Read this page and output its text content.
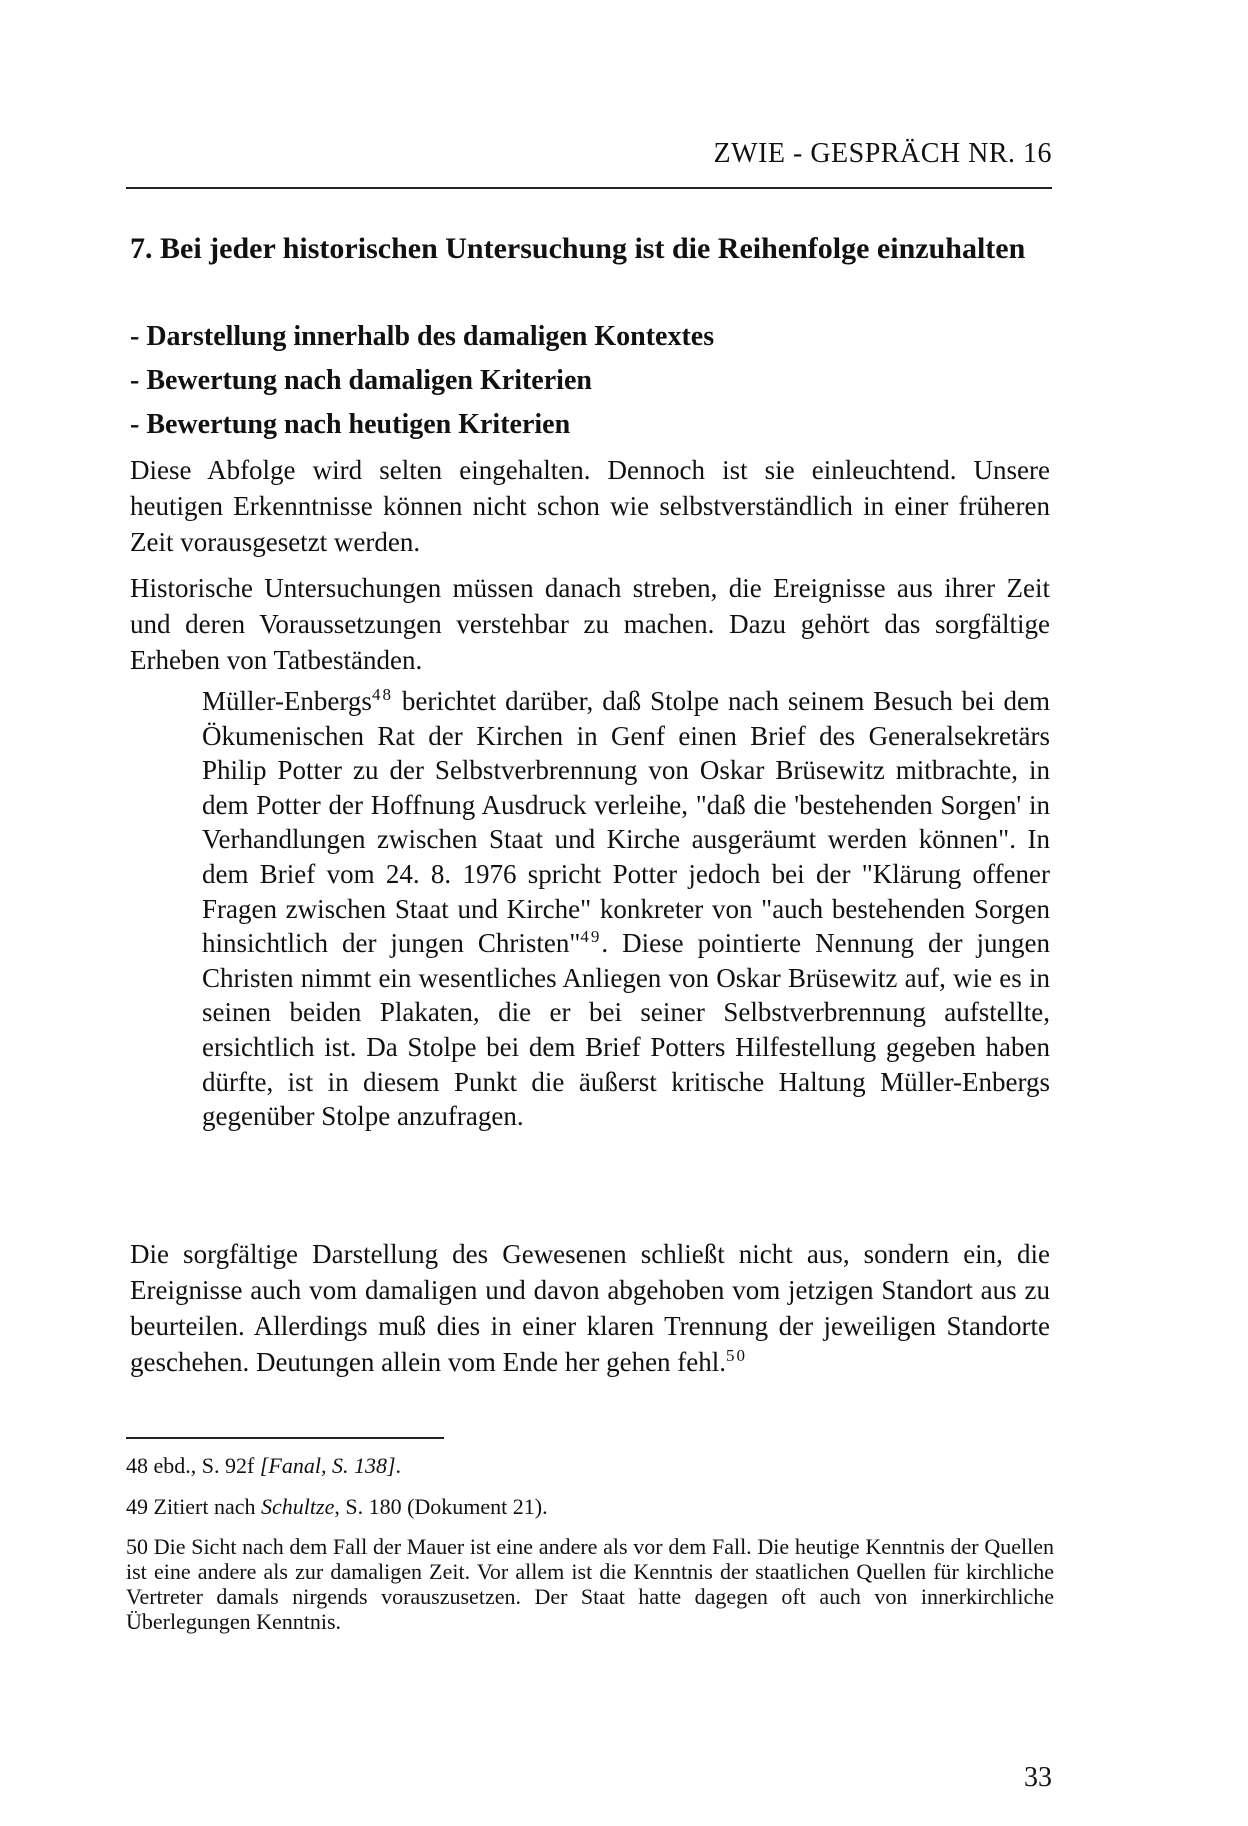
ZWIE - GESPRÄCH NR. 16
7. Bei jeder historischen Untersuchung ist die Reihenfolge einzuhalten
- Darstellung innerhalb des damaligen Kontextes
- Bewertung nach damaligen Kriterien
- Bewertung nach heutigen Kriterien

Diese Abfolge wird selten eingehalten. Dennoch ist sie einleuchtend. Unsere heutigen Erkenntnisse können nicht schon wie selbstverständlich in einer früheren Zeit vorausgesetzt werden.

Historische Untersuchungen müssen danach streben, die Ereignisse aus ihrer Zeit und deren Voraussetzungen verstehbar zu machen. Dazu gehört das sorgfältige Erheben von Tatbeständen.

Müller-Enbergs$^{48}$ berichtet darüber, daß Stolpe nach seinem Besuch bei dem Ökumenischen Rat der Kirchen in Genf einen Brief des Generalsekretärs Philip Potter zu der Selbstverbrennung von Oskar Brüsewitz mitbrachte, in dem Potter der Hoffnung Ausdruck verleihe, "daß die 'bestehenden Sorgen' in Verhandlungen zwischen Staat und Kirche ausgeräumt werden können". In dem Brief vom 24. 8. 1976 spricht Potter jedoch bei der "Klärung offener Fragen zwischen Staat und Kirche" konkreter von "auch bestehenden Sorgen hinsichtlich der jungen Christen"$^{49}$. Diese pointierte Nennung der jungen Christen nimmt ein wesentliches Anliegen von Oskar Brüsewitz auf, wie es in seinen beiden Plakaten, die er bei seiner Selbstverbrennung aufstellte, ersichtlich ist. Da Stolpe bei dem Brief Potters Hilfestellung gegeben haben dürfte, ist in diesem Punkt die äußerst kritische Haltung Müller-Enbergs gegenüber Stolpe anzufragen.

Die sorgfältige Darstellung des Gewesenen schließt nicht aus, sondern ein, die Ereignisse auch vom damaligen und davon abgehoben vom jetzigen Standort aus zu beurteilen. Allerdings muß dies in einer klaren Trennung der jeweiligen Standorte geschehen. Deutungen allein vom Ende her gehen fehl.$^{50}$

48 ebd., S. 92f [Fanal, S. 138].

49 Zitiert nach Schultze, S. 180 (Dokument 21).

50 Die Sicht nach dem Fall der Mauer ist eine andere als vor dem Fall. Die heutige Kenntnis der Quellen ist eine andere als zur damaligen Zeit. Vor allem ist die Kenntnis der staatlichen Quellen für kirchliche Vertreter damals nirgends vorauszusetzen. Der Staat hatte dagegen oft auch von innerkirchliche Überlegungen Kenntnis.

33
